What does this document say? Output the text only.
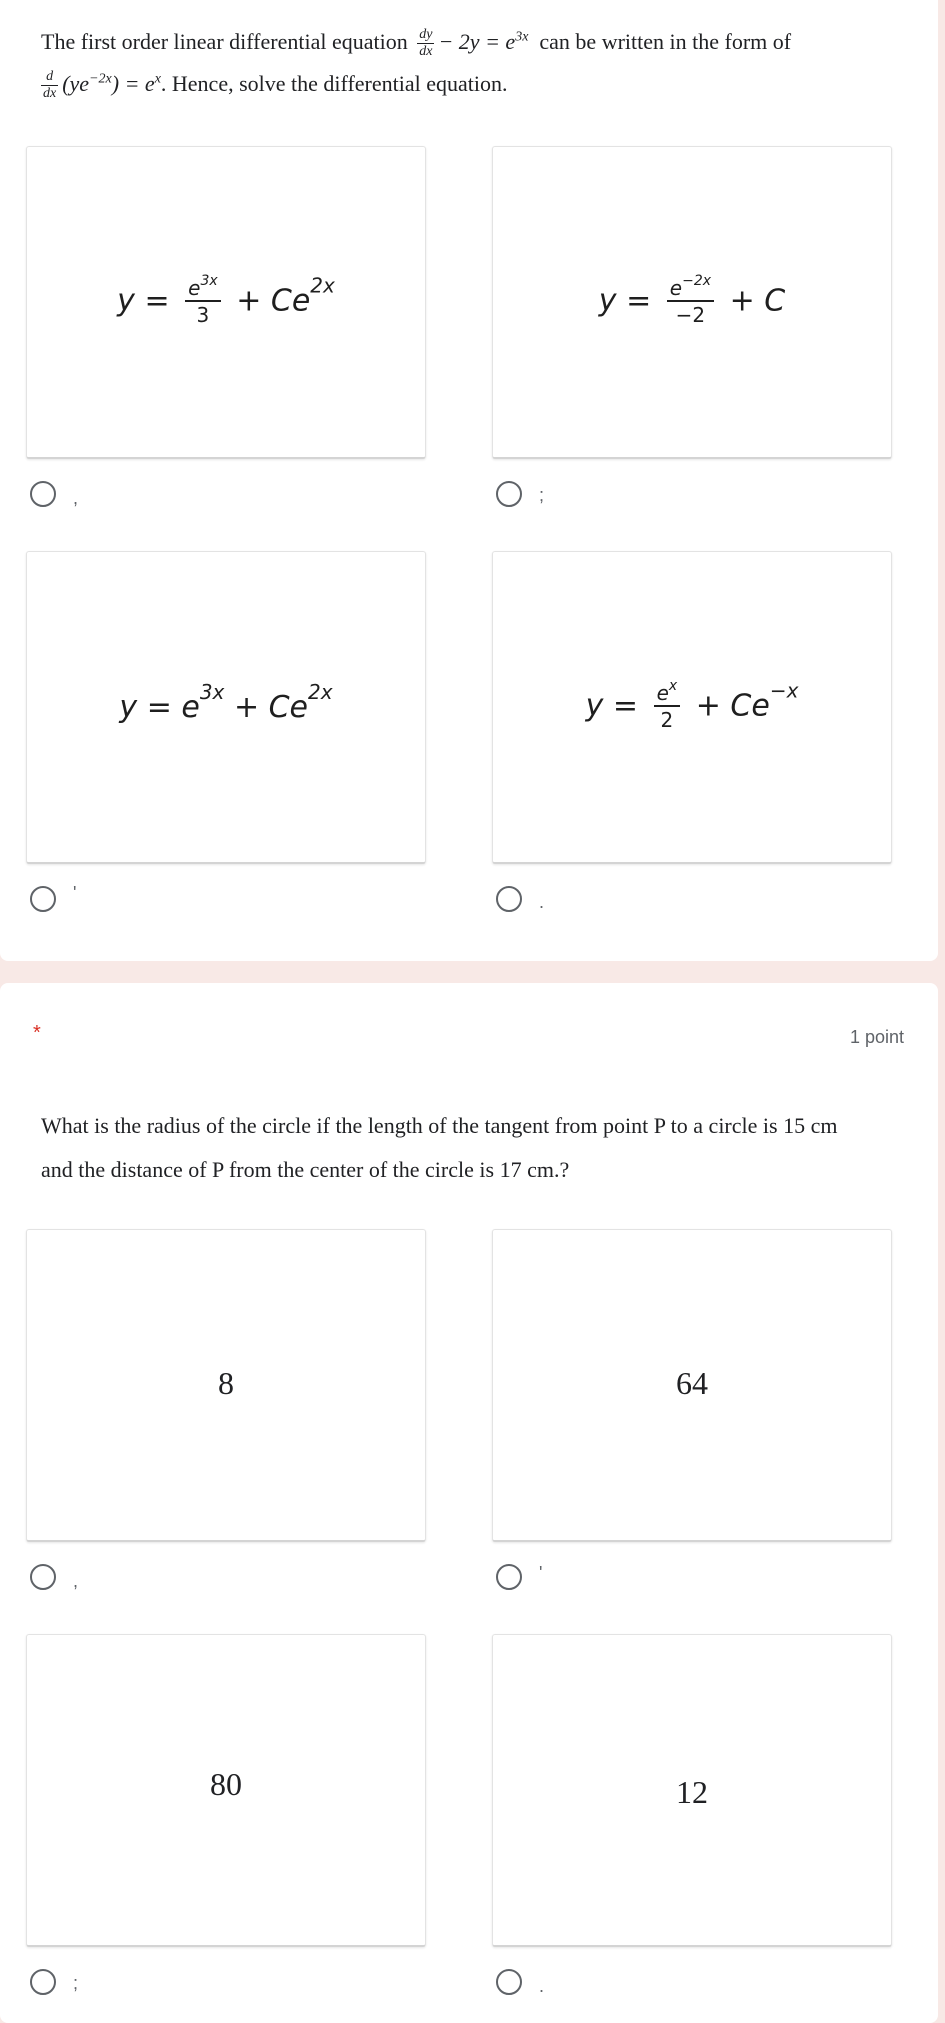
The first order linear differential equation $\frac{dy}{dx} - 2y = e^{3x}$ can be written in the form of
$\frac{d}{dx} (ye^{-2x}) = e^x$. Hence, solve the differential equation.
$y = \frac{e^{3x}}{3} + Ce^{2x}$
,
$y = \frac{e^{-2x}}{-2} + C$
;
$y = e^{3x} + Ce^{2x}$
'
$y = \frac{e^x}{2} + Ce^{-x}$
.
*	1 point
What is the radius of the circle if the length of the tangent from point P to a circle is 15 cm
and the distance of P from the center of the circle is 17 cm.?
8
,
64
'
80
;
12
.
